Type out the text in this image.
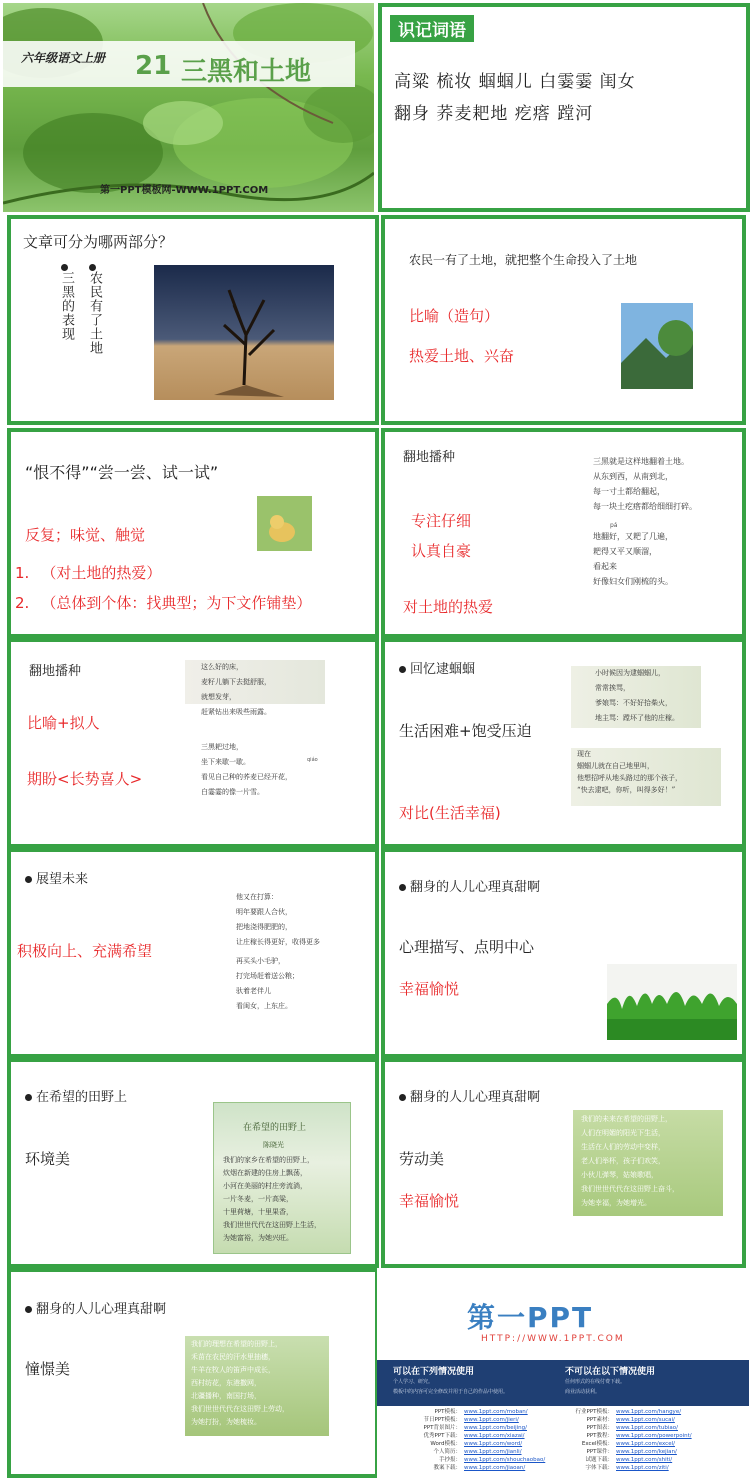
六年级语文上册 21 三黑和土地
第一PPT模板网-WWW.1PPT.COM
识记词语
高粱 梳妆 蝈蝈儿 白霎霎 闺女
翻身 荞麦耙地 疙瘩 蹚河
文章可分为哪两部分？
农民有了土地
三黑的表现
农民一有了土地，就把整个生命投入了土地
比喻（造句）
热爱土地、兴奋
“恨不得”“尝一尝、试一试”
反复；味觉、触觉
1. （对土地的热爱）
2. （总体到个体：找典型；为下文作铺垫）
翻地播种
专注仔细
认真自豪
对土地的热爱
pá
三黑就是这样地翻着土地。
从东到西，从南到北，
每一寸土都给翻起，
每一块土疙瘩都给细细打碎。

地翻好，又耙了几遍，
耙得又平又顺溜，
看起来
好像妇女们刚梳的头。
翻地播种
比喻+拟人
期盼<长势喜人>
这么好的床，
麦籽儿躺下去挺舒服，
就想发芽，
赶紧钻出来吸些雨露。
qiáo
三黑耙过地，
坐下来歇一歇。
看见自己种的荞麦已经开花，
白霎霎的像一片雪。
回忆逮蝈蝈
生活困难+饱受压迫
对比(生活幸福)
小时候因为逮蝈蝈儿，
常常挨骂，
爹娘骂：不好好拾柴火，
地主骂：蹚坏了他的庄稼。
现在
蝈蝈儿就在自己地里叫，
他想招呼从地头路过的那个孩子，
“快去逮吧，你听，叫得多好！”
展望未来
积极向上、充满希望
他又在打算：
明年要跟人合伙，
把地浇得肥肥的，
让庄稼长得更好，收得更多
再买头小毛驴，
打完场赶着送公粮；
驮着老伴儿
看闺女，上东庄。
翻身的人儿心理真甜啊
心理描写、点明中心
幸福愉悦
在希望的田野上
环境美
在希望的田野上
陈晓光
我们的家乡在希望的田野上，
炊烟在新建的住房上飘荡，
小河在美丽的村庄旁流淌，
一片冬麦，一片高粱，
十里荷塘，十里果香，
我们世世代代在这田野上生活，
为她富裕，为她兴旺。
翻身的人儿心理真甜啊
劳动美
幸福愉悦
我们的未来在希望的田野上，
人们在明媚的阳光下生活，
生活在人们的劳动中变样，
老人们举杯，孩子们欢笑，
小伙儿弹琴，姑娘歌唱，
我们世世代代在这田野上奋斗，
为她幸福，为她增光。
翻身的人儿心理真甜啊
憧憬美
我们的理想在希望的田野上，
禾苗在农民的汗水里抽穗，
牛羊在牧人的笛声中成长，
西村纺花，东港撒网，
北疆播种，南国打场，
我们世世代代在这田野上劳动，
为她打扮，为她梳妆。
第一PPT
HTTP://WWW.1PPT.COM
可以在下列情况使用
个人学习、研究。
模板中的内容可完全修改并用于自己的作品中使用。
不可以在以下情况使用
任何形式的在线付费下载。
商业活动获利。
PPT模板： www.1ppt.com/moban/
节日PPT模板： www.1ppt.com/jieri/
PPT背景图片： www.1ppt.com/beijing/
优秀PPT下载： www.1ppt.com/xiazai/
Word模板： www.1ppt.com/word/
个人简历： www.1ppt.com/jianli/
手抄报： www.1ppt.com/shouchaobao/
教案下载： www.1ppt.com/jiaoan/
行业PPT模板： www.1ppt.com/hangye/
PPT素材： www.1ppt.com/sucai/
PPT图表： www.1ppt.com/tubiao/
PPT教程： www.1ppt.com/powerpoint/
Excel模板： www.1ppt.com/excel/
PPT课件： www.1ppt.com/kejian/
试题下载： www.1ppt.com/shiti/
字体下载： www.1ppt.com/ziti/
